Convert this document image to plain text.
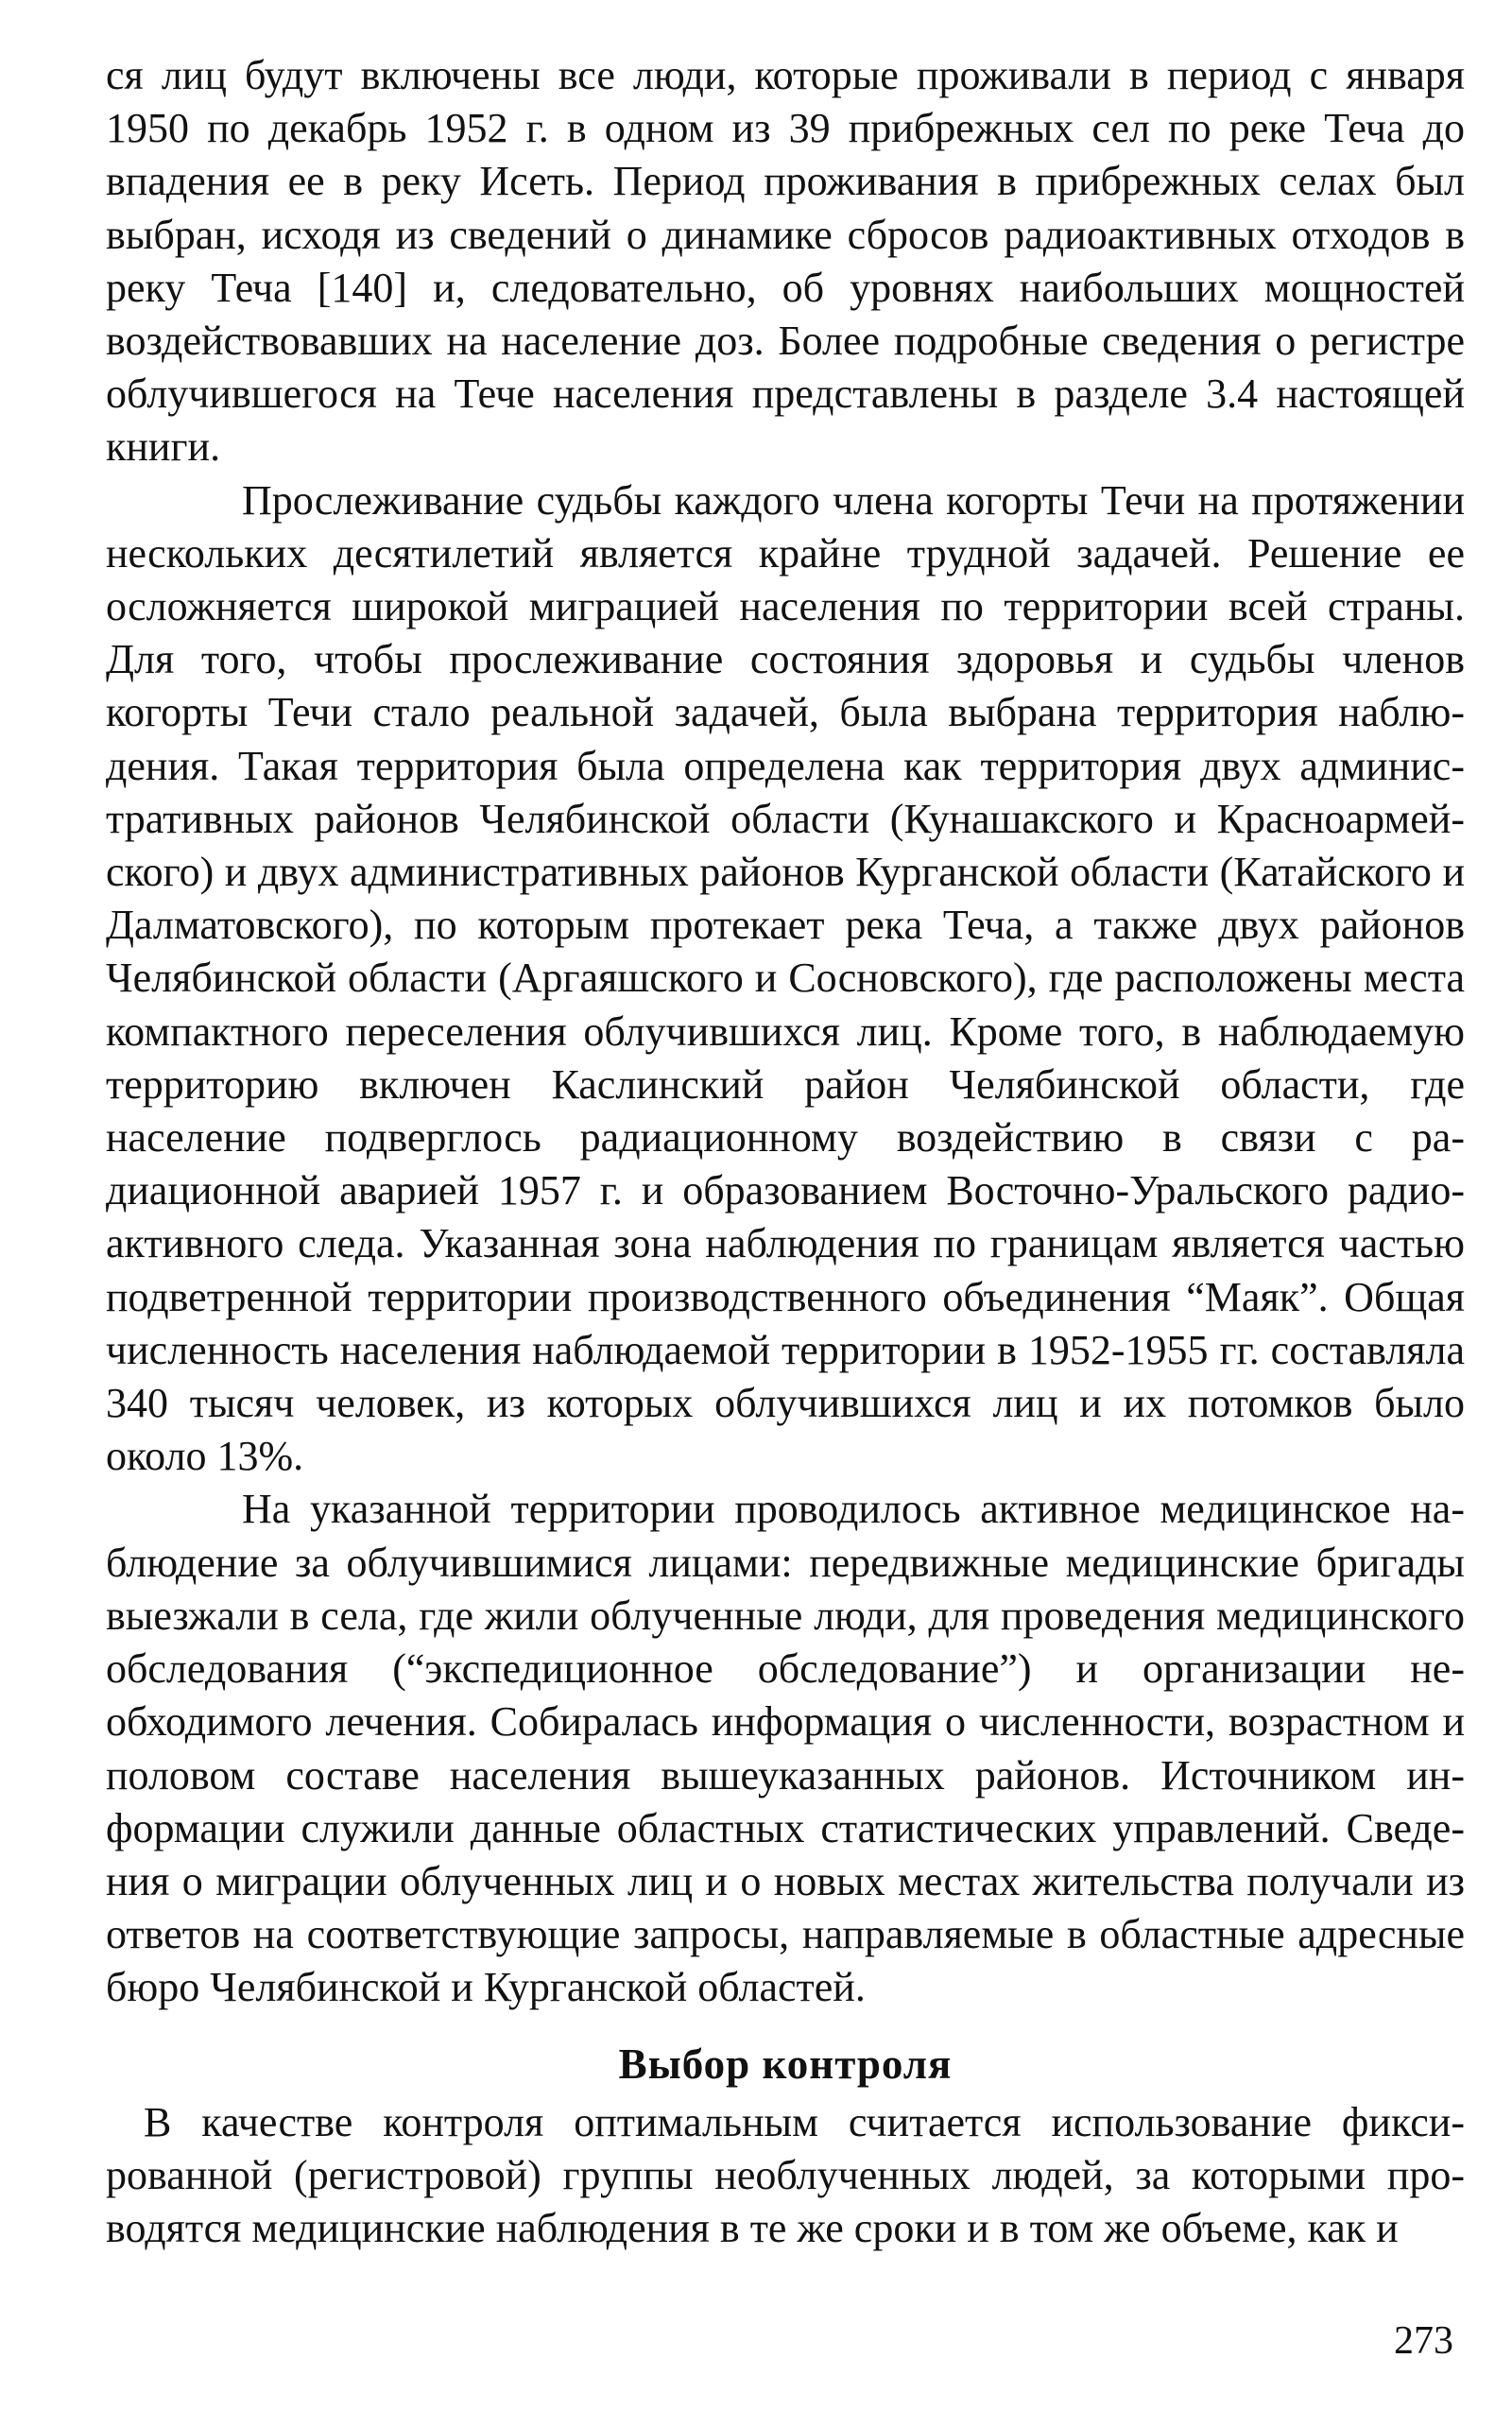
ся лиц будут включены все люди, которые проживали в период с января 1950 по декабрь 1952 г. в одном из 39 прибрежных сел по реке Теча до впадения ее в реку Исеть. Период проживания в прибрежных селах был выбран, исходя из сведений о динамике сбросов радиоактивных отходов в реку Теча [140] и, следовательно, об уровнях наибольших мощностей воздействовавших на население доз. Более подробные сведения о регистре облучившегося на Тече населения представлены в разделе 3.4 настоящей книги.

Прослеживание судьбы каждого члена когорты Течи на протяжении нескольких десятилетий является крайне трудной задачей. Решение ее осложняется широкой миграцией населения по территории всей страны. Для того, чтобы прослеживание состояния здоровья и судьбы членов когорты Течи стало реальной задачей, была выбрана территория наблюдения. Такая территория была определена как территория двух административных районов Челябинской области (Кунашакского и Красноармейского) и двух административных районов Курганской области (Катайского и Далматовского), по которым протекает река Теча, а также двух районов Челябинской области (Аргаяшского и Сосновского), где расположены места компактного переселения облучившихся лиц. Кроме того, в наблюдаемую территорию включен Каслинский район Челябинской области, где население подверглось радиационному воздействию в связи с радиационной аварией 1957 г. и образованием Восточно-Уральского радиоактивного следа. Указанная зона наблюдения по границам является частью подветренной территории производственного объединения “Маяк”. Общая численность населения наблюдаемой территории в 1952-1955 гг. составляла 340 тысяч человек, из которых облучившихся лиц и их потомков было около 13%.

На указанной территории проводилось активное медицинское наблюдение за облучившимися лицами: передвижные медицинские бригады выезжали в села, где жили облученные люди, для проведения медицинского обследования (“экспедиционное обследование”) и организации необходимого лечения. Собиралась информация о численности, возрастном и половом составе населения вышеуказанных районов. Источником информации служили данные областных статистических управлений. Сведения о миграции облученных лиц и о новых местах жительства получали из ответов на соответствующие запросы, направляемые в областные адресные бюро Челябинской и Курганской областей.

Выбор контроля

В качестве контроля оптимальным считается использование фиксированной (регистровой) группы необлученных людей, за которыми проводятся медицинские наблюдения в те же сроки и в том же объеме, как и

273
